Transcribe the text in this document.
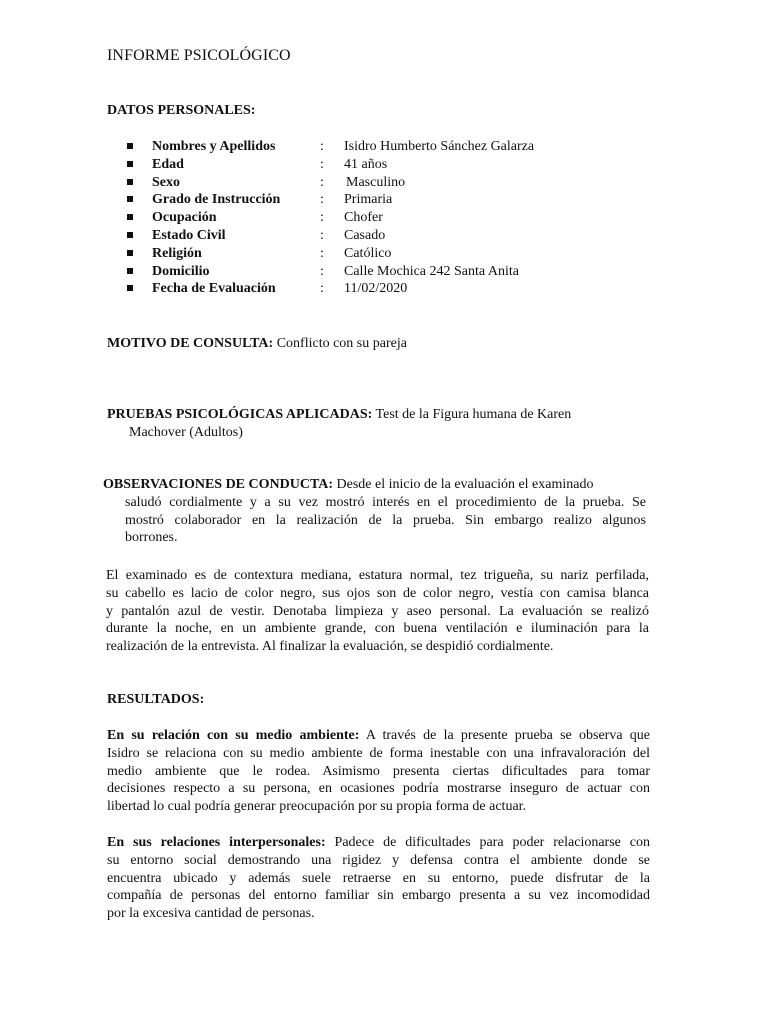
INFORME PSICOLÓGICO
DATOS PERSONALES:
Nombres y Apellidos	: Isidro Humberto Sánchez Galarza
Edad	: 41 años
Sexo	: Masculino
Grado de Instrucción	: Primaria
Ocupación	: Chofer
Estado Civil	: Casado
Religión	: Católico
Domicilio	: Calle Mochica 242 Santa Anita
Fecha de Evaluación	: 11/02/2020
MOTIVO DE CONSULTA: Conflicto con su pareja
PRUEBAS PSICOLÓGICAS APLICADAS: Test de la Figura humana de Karen
Machover (Adultos)
OBSERVACIONES DE CONDUCTA: Desde el inicio de la evaluación el examinado
saludó cordialmente y a su vez mostró interés en el procedimiento de la prueba. Se
mostró colaborador en la realización de la prueba. Sin embargo realizo algunos
borrones.
El examinado es de contextura mediana, estatura normal, tez trigueña, su nariz perfilada,
su cabello es lacio de color negro, sus ojos son de color negro, vestía con camisa blanca
y pantalón azul de vestir. Denotaba limpieza y aseo personal. La evaluación se realizó
durante la noche, en un ambiente grande, con buena ventilación e iluminación para la
realización de la entrevista. Al finalizar la evaluación, se despidió cordialmente.
RESULTADOS:
En su relación con su medio ambiente: A través de la presente prueba se observa que
Isidro se relaciona con su medio ambiente de forma inestable con una infravaloración del
medio ambiente que le rodea. Asimismo presenta ciertas dificultades para tomar
decisiones respecto a su persona, en ocasiones podría mostrarse inseguro de actuar con
libertad lo cual podría generar preocupación por su propia forma de actuar.
En sus relaciones interpersonales: Padece de dificultades para poder relacionarse con
su entorno social demostrando una rigidez y defensa contra el ambiente donde se
encuentra ubicado y además suele retraerse en su entorno, puede disfrutar de la
compañía de personas del entorno familiar sin embargo presenta a su vez incomodidad
por la excesiva cantidad de personas.
